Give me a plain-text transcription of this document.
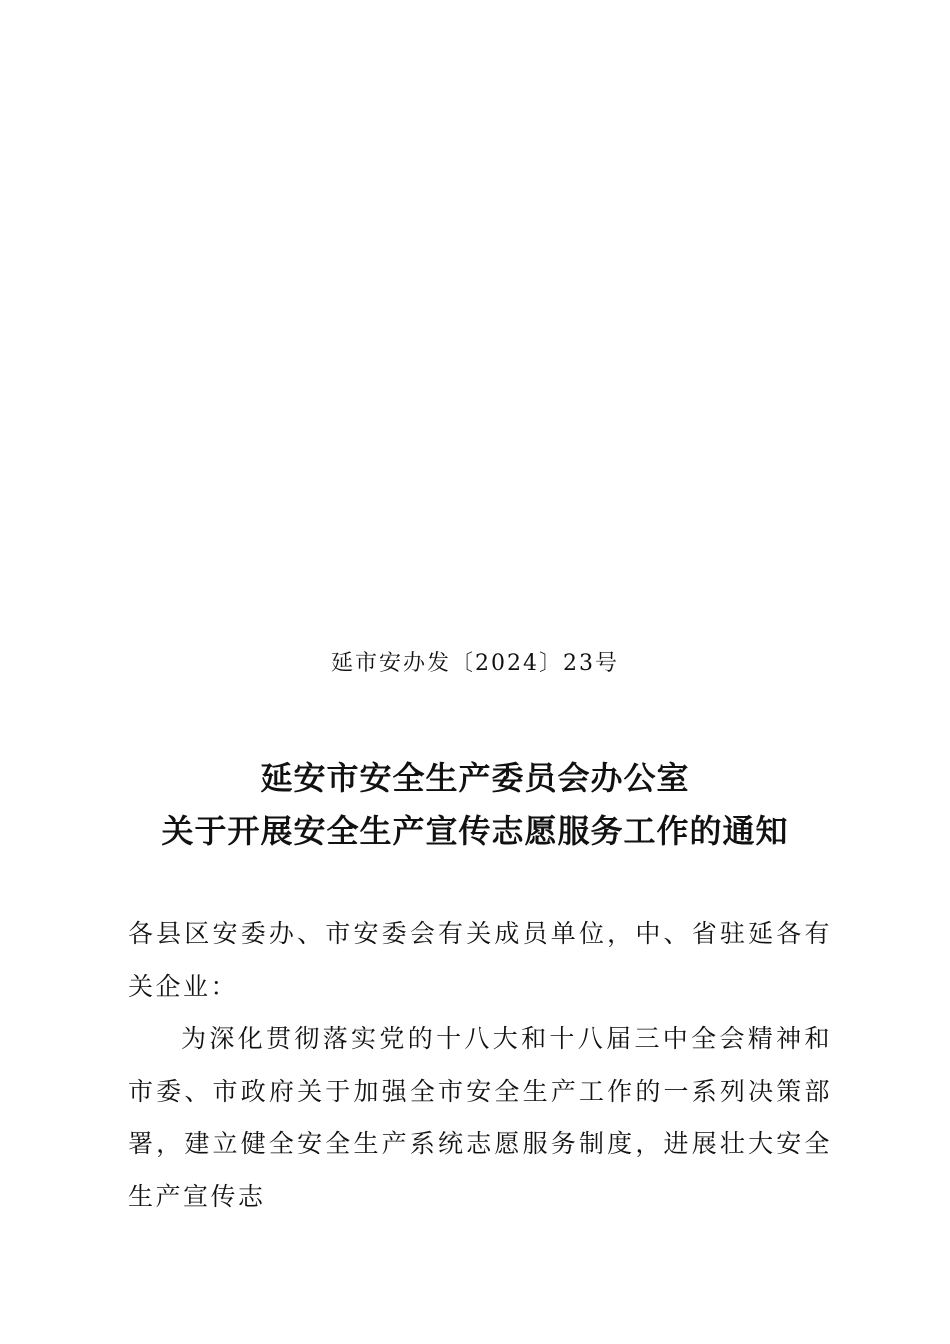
延市安办发〔2024〕23号
延安市安全生产委员会办公室
关于开展安全生产宣传志愿服务工作的通知

各县区安委办、市安委会有关成员单位，中、省驻延各有关企业：

为深化贯彻落实党的十八大和十八届三中全会精神和市委、市政府关于加强全市安全生产工作的一系列决策部署，建立健全安全生产系统志愿服务制度，进展壮大安全生产宣传志
